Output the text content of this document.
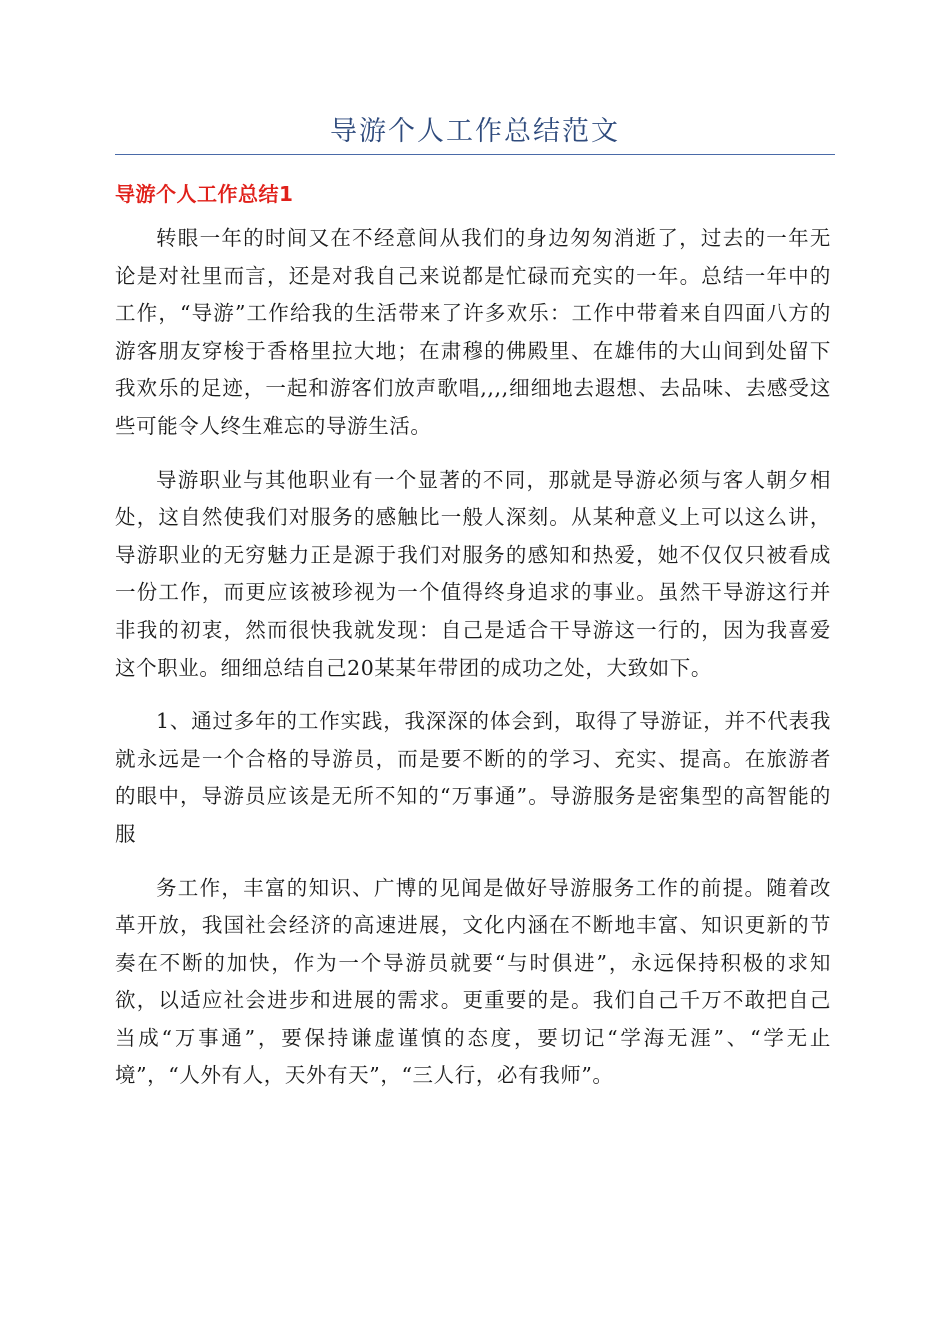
导游个人工作总结范文
导游个人工作总结1

转眼一年的时间又在不经意间从我们的身边匆匆消逝了，过去的一年无论是对社里而言，还是对我自己来说都是忙碌而充实的一年。总结一年中的工作，“导游”工作给我的生活带来了许多欢乐：工作中带着来自四面八方的游客朋友穿梭于香格里拉大地；在肃穆的佛殿里、在雄伟的大山间到处留下我欢乐的足迹，一起和游客们放声歌唱,,,,细细地去遐想、去品味、去感受这些可能令人终生难忘的导游生活。

导游职业与其他职业有一个显著的不同，那就是导游必须与客人朝夕相处，这自然使我们对服务的感触比一般人深刻。从某种意义上可以这么讲，导游职业的无穷魅力正是源于我们对服务的感知和热爱，她不仅仅只被看成一份工作，而更应该被珍视为一个值得终身追求的事业。虽然干导游这行并非我的初衷，然而很快我就发现：自己是适合干导游这一行的，因为我喜爱这个职业。细细总结自己20某某年带团的成功之处，大致如下。

1、通过多年的工作实践，我深深的体会到，取得了导游证，并不代表我就永远是一个合格的导游员，而是要不断的的学习、充实、提高。在旅游者的眼中，导游员应该是无所不知的“万事通”。导游服务是密集型的高智能的服

务工作，丰富的知识、广博的见闻是做好导游服务工作的前提。随着改革开放，我国社会经济的高速进展，文化内涵在不断地丰富、知识更新的节奏在不断的加快，作为一个导游员就要“与时俱进”，永远保持积极的求知欲，以适应社会进步和进展的需求。更重要的是。我们自己千万不敢把自己当成“万事通”，要保持谦虚谨慎的态度，要切记“学海无涯”、“学无止境”，“人外有人，天外有天”，“三人行，必有我师”。
